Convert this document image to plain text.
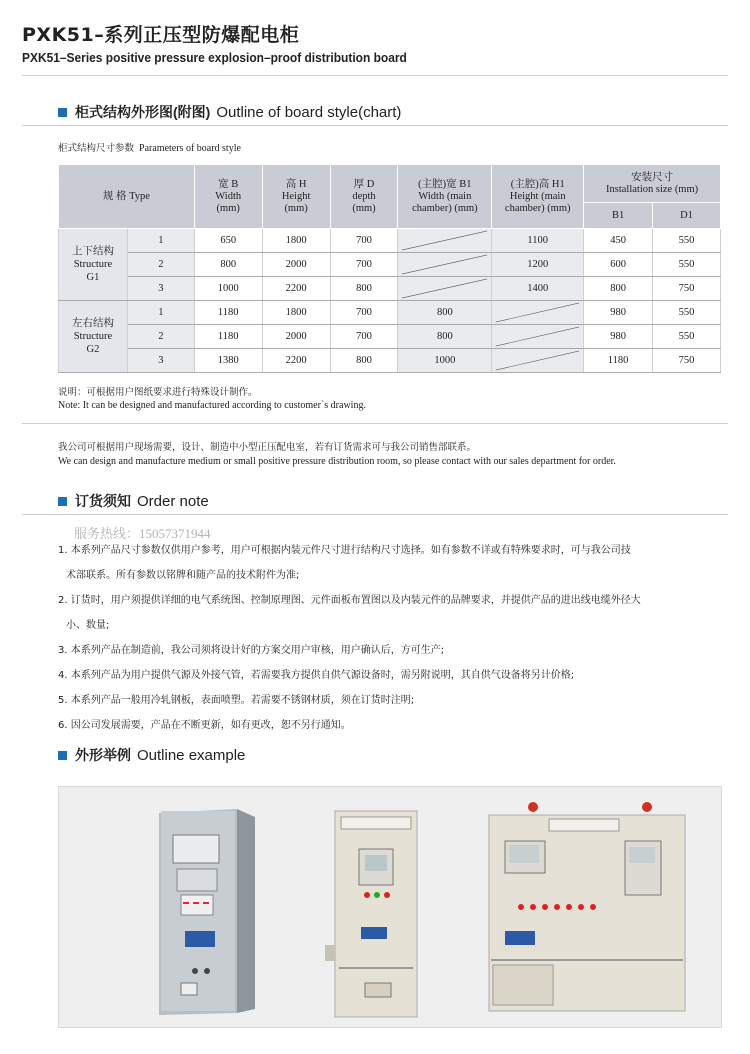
PXK51–系列正压型防爆配电柜
PXK51–Series positive pressure explosion–proof distribution board
柜式结构外形图(附图) Outline of board style(chart)
柜式结构尺寸参数 Parameters of board style
规 格 Type		宽 B
Width
(mm)	高 H
Height
(mm)	厚 D
depth
(mm)	(主腔)宽 B1
Width (main
chamber) (mm)	(主腔)高 H1
Height (main
chamber) (mm)	安装尺寸
Installation size (mm)	
							B1	D1
上下结构
Structure
G1	1	650	1800	700		1100	450	550
	2	800	2000	700		1200	600	550
	3	1000	2200	800		1400	800	750
左右结构
Structure
G2	1	1180	1800	700	800		980	550
	2	1180	2000	700	800		980	550
	3	1380	2200	800	1000		1180	750
说明：可根据用户图纸要求进行特殊设计制作。
Note: It can be designed and manufactured according to customer`s drawing.
我公司可根据用户现场需要，设计、制造中小型正压配电室，若有订货需求可与我公司销售部联系。
We can design and manufacture medium or small positive pressure distribution room, so please contact with our sales department for order.
订货须知 Order note
服务热线：15057371944

1. 本系列产品尺寸参数仅供用户参考，用户可根据内装元件尺寸进行结构尺寸选择。如有参数不详或有特殊要求时，可与我公司技

术部联系。所有参数以铭牌和随产品的技术附件为准;

2. 订货时，用户须提供详细的电气系统图、控制原理图、元件面板布置图以及内装元件的品牌要求，并提供产品的进出线电缆外径大

小、数量;

3. 本系列产品在制造前，我公司须将设计好的方案交用户审核，用户确认后，方可生产;

4. 本系列产品为用户提供气源及外接气管，若需要我方提供自供气源设备时，需另附说明，其自供气设备将另计价格;

5. 本系列产品一般用冷轧钢板，表面喷塑。若需要不锈钢材质，须在订货时注明;

6. 因公司发展需要，产品在不断更新，如有更改，恕不另行通知。

外形举例 Outline example
